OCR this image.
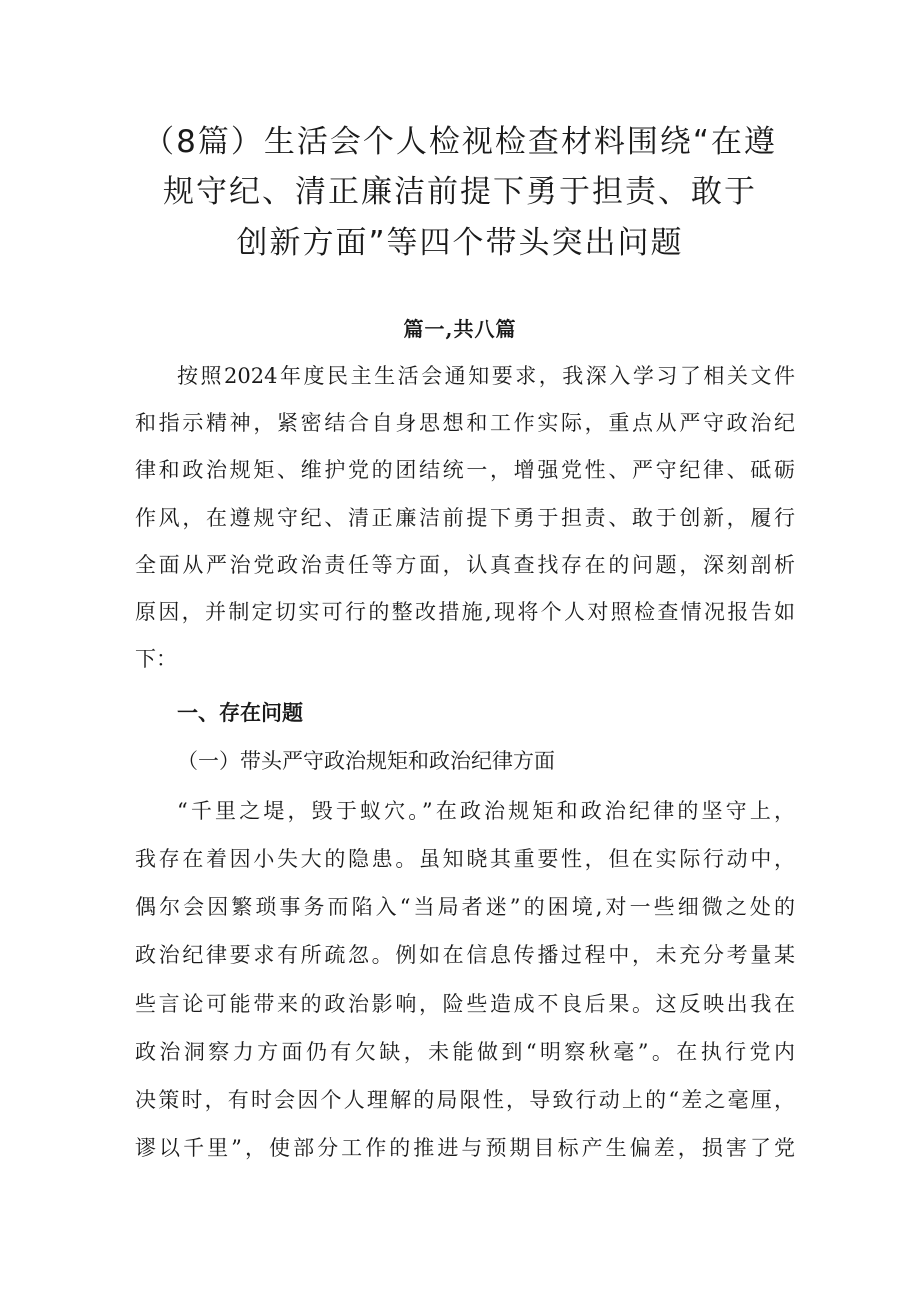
（8篇）生活会个人检视检查材料围绕“在遵
规守纪、清正廉洁前提下勇于担责、敢于
创新方面”等四个带头突出问题
篇一,共八篇
按照2024年度民主生活会通知要求，我深入学习了相关文件
和指示精神，紧密结合自身思想和工作实际，重点从严守政治纪
律和政治规矩、维护党的团结统一，增强党性、严守纪律、砥砺
作风，在遵规守纪、清正廉洁前提下勇于担责、敢于创新，履行
全面从严治党政治责任等方面，认真查找存在的问题，深刻剖析
原因，并制定切实可行的整改措施,现将个人对照检查情况报告如
下：
一、存在问题
（一）带头严守政治规矩和政治纪律方面
“千里之堤，毁于蚁穴。”在政治规矩和政治纪律的坚守上，
我存在着因小失大的隐患。虽知晓其重要性，但在实际行动中，
偶尔会因繁琐事务而陷入“当局者迷”的困境,对一些细微之处的
政治纪律要求有所疏忽。例如在信息传播过程中，未充分考量某
些言论可能带来的政治影响，险些造成不良后果。这反映出我在
政治洞察力方面仍有欠缺，未能做到“明察秋毫”。在执行党内
决策时，有时会因个人理解的局限性，导致行动上的“差之毫厘，
谬以千里”，使部分工作的推进与预期目标产生偏差，损害了党
